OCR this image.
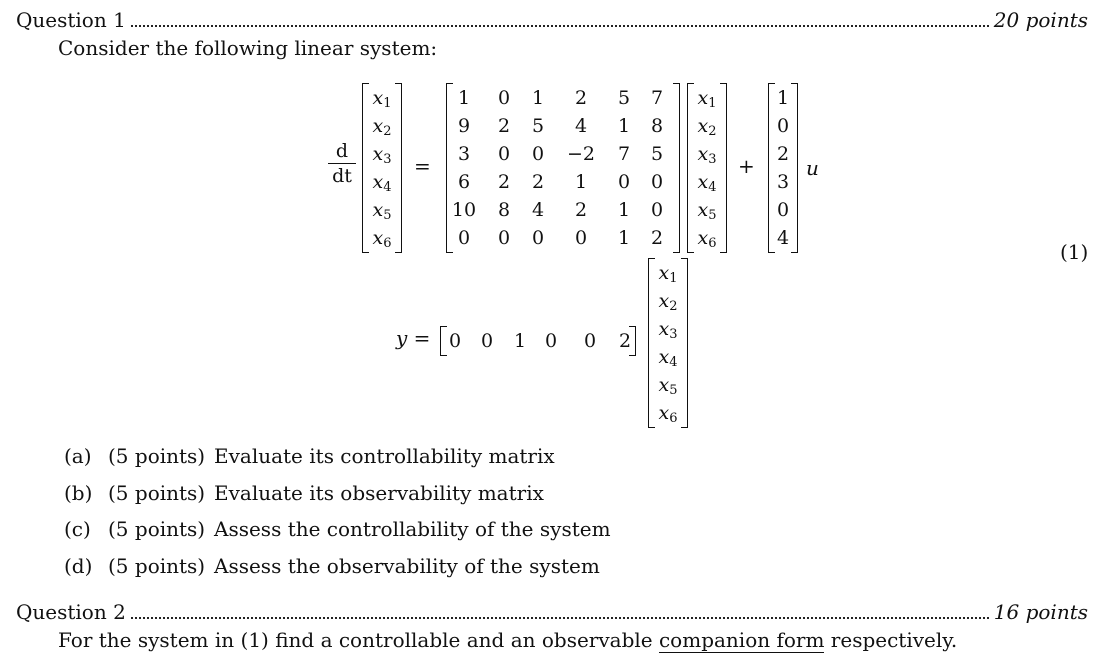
Question 1	20 points
Consider the following linear system:
d
dt
$x_1$
$x_2$
$x_3$
$x_4$
$x_5$
$x_6$
1 0 1 2 5 7
9 2 5 4 1 8
3 0 0 −2 7 5
6 2 2 1 0 0
10 8 4 2 1 0
0 0 0 0 1 2
$x_1$
$x_2$
$x_3$
$x_4$
$x_5$
$x_6$
1
0
2
3
0
4
0 0 1 0 0 2
$x_1$
$x_2$
$x_3$
$x_4$
$x_5$
$x_6$
=	+	u
(1)
y =
(a) (5 points) Evaluate its controllability matrix
(b) (5 points) Evaluate its observability matrix
(c) (5 points) Assess the controllability of the system
(d) (5 points) Assess the observability of the system
Question 2	16 points
For the system in (1) find a controllable and an observable companion form respectively.
